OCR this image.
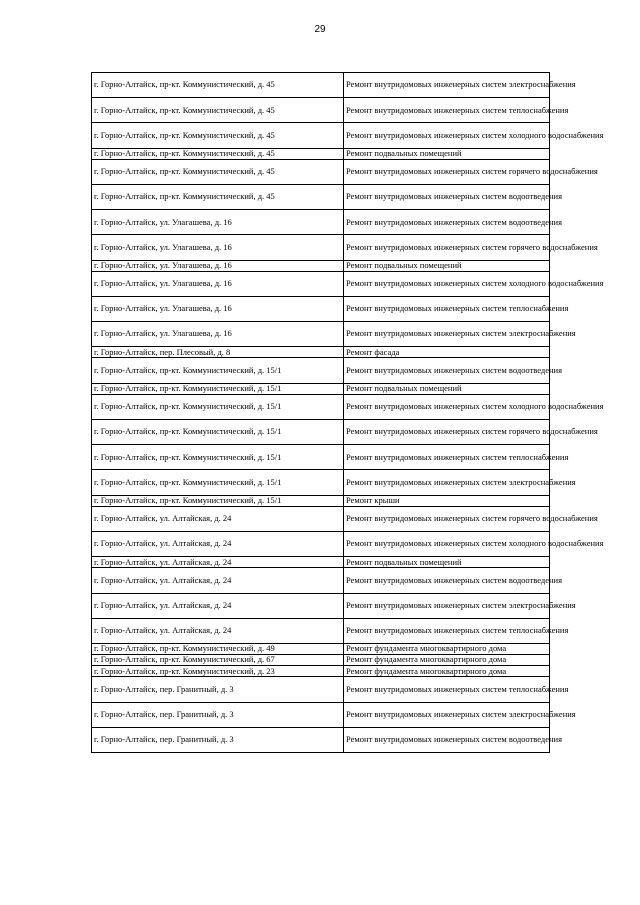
29
г. Горно-Алтайск, пр-кт. Коммунистический, д. 45	Ремонт внутридомовых инженерных систем электроснабжения
г. Горно-Алтайск, пр-кт. Коммунистический, д. 45	Ремонт внутридомовых инженерных систем теплоснабжения
г. Горно-Алтайск, пр-кт. Коммунистический, д. 45	Ремонт внутридомовых инженерных систем холодного водоснабжения
г. Горно-Алтайск, пр-кт. Коммунистический, д. 45	Ремонт подвальных помещений
г. Горно-Алтайск, пр-кт. Коммунистический, д. 45	Ремонт внутридомовых инженерных систем горячего водоснабжения
г. Горно-Алтайск, пр-кт. Коммунистический, д. 45	Ремонт внутридомовых инженерных систем водоотведения
г. Горно-Алтайск, ул. Улагашева, д. 16	Ремонт внутридомовых инженерных систем водоотведения
г. Горно-Алтайск, ул. Улагашева, д. 16	Ремонт внутридомовых инженерных систем горячего водоснабжения
г. Горно-Алтайск, ул. Улагашева, д. 16	Ремонт подвальных помещений
г. Горно-Алтайск, ул. Улагашева, д. 16	Ремонт внутридомовых инженерных систем холодного водоснабжения
г. Горно-Алтайск, ул. Улагашева, д. 16	Ремонт внутридомовых инженерных систем теплоснабжения
г. Горно-Алтайск, ул. Улагашева, д. 16	Ремонт внутридомовых инженерных систем электроснабжения
г. Горно-Алтайск, пер. Плесовый, д. 8	Ремонт фасада
г. Горно-Алтайск, пр-кт. Коммунистический, д. 15/1	Ремонт внутридомовых инженерных систем водоотведения
г. Горно-Алтайск, пр-кт. Коммунистический, д. 15/1	Ремонт подвальных помещений
г. Горно-Алтайск, пр-кт. Коммунистический, д. 15/1	Ремонт внутридомовых инженерных систем холодного водоснабжения
г. Горно-Алтайск, пр-кт. Коммунистический, д. 15/1	Ремонт внутридомовых инженерных систем горячего водоснабжения
г. Горно-Алтайск, пр-кт. Коммунистический, д. 15/1	Ремонт внутридомовых инженерных систем теплоснабжения
г. Горно-Алтайск, пр-кт. Коммунистический, д. 15/1	Ремонт внутридомовых инженерных систем электроснабжения
г. Горно-Алтайск, пр-кт. Коммунистический, д. 15/1	Ремонт крыши
г. Горно-Алтайск, ул. Алтайская, д. 24	Ремонт внутридомовых инженерных систем горячего водоснабжения
г. Горно-Алтайск, ул. Алтайская, д. 24	Ремонт внутридомовых инженерных систем холодного водоснабжения
г. Горно-Алтайск, ул. Алтайская, д. 24	Ремонт подвальных помещений
г. Горно-Алтайск, ул. Алтайская, д. 24	Ремонт внутридомовых инженерных систем водоотведения
г. Горно-Алтайск, ул. Алтайская, д. 24	Ремонт внутридомовых инженерных систем электроснабжения
г. Горно-Алтайск, ул. Алтайская, д. 24	Ремонт внутридомовых инженерных систем теплоснабжения
г. Горно-Алтайск, пр-кт. Коммунистический, д. 49	Ремонт фундамента многоквартирного дома
г. Горно-Алтайск, пр-кт. Коммунистический, д. 67	Ремонт фундамента многоквартирного дома
г. Горно-Алтайск, пр-кт. Коммунистический, д. 23	Ремонт фундамента многоквартирного дома
г. Горно-Алтайск, пер. Гранитный, д. 3	Ремонт внутридомовых инженерных систем теплоснабжения
г. Горно-Алтайск, пер. Гранитный, д. 3	Ремонт внутридомовых инженерных систем электроснабжения
г. Горно-Алтайск, пер. Гранитный, д. 3	Ремонт внутридомовых инженерных систем водоотведения
